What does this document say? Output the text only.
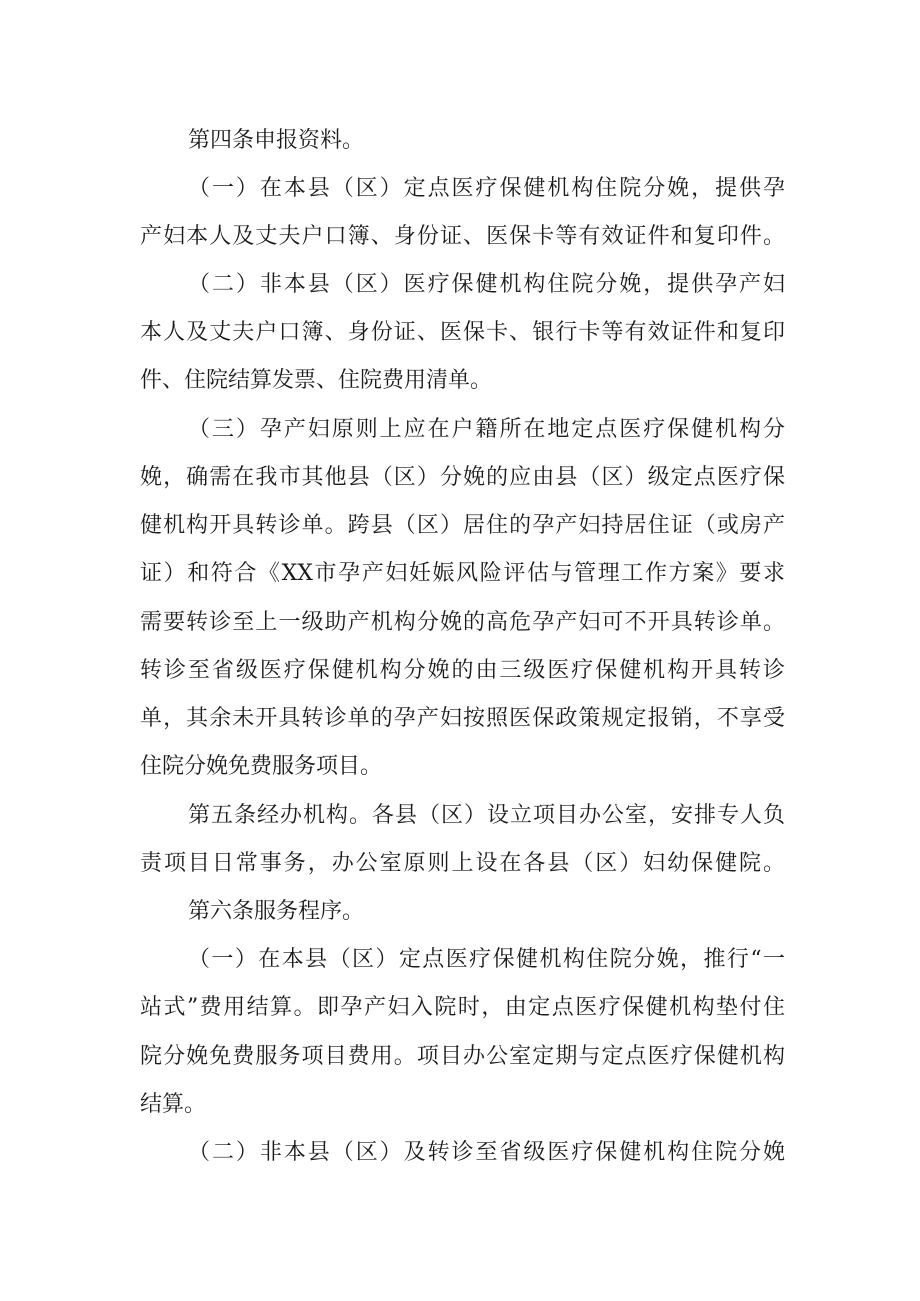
第四条申报资料。
（一）在本县（区）定点医疗保健机构住院分娩，提供孕
产妇本人及丈夫户口簿、身份证、医保卡等有效证件和复印件。
（二）非本县（区）医疗保健机构住院分娩，提供孕产妇
本人及丈夫户口簿、身份证、医保卡、银行卡等有效证件和复印
件、住院结算发票、住院费用清单。
（三）孕产妇原则上应在户籍所在地定点医疗保健机构分
娩，确需在我市其他县（区）分娩的应由县（区）级定点医疗保
健机构开具转诊单。跨县（区）居住的孕产妇持居住证（或房产
证）和符合《XX市孕产妇妊娠风险评估与管理工作方案》要求
需要转诊至上一级助产机构分娩的高危孕产妇可不开具转诊单。
转诊至省级医疗保健机构分娩的由三级医疗保健机构开具转诊
单，其余未开具转诊单的孕产妇按照医保政策规定报销，不享受
住院分娩免费服务项目。
第五条经办机构。各县（区）设立项目办公室，安排专人负
责项目日常事务，办公室原则上设在各县（区）妇幼保健院。
第六条服务程序。
（一）在本县（区）定点医疗保健机构住院分娩，推行“一
站式”费用结算。即孕产妇入院时，由定点医疗保健机构垫付住
院分娩免费服务项目费用。项目办公室定期与定点医疗保健机构
结算。
（二）非本县（区）及转诊至省级医疗保健机构住院分娩
